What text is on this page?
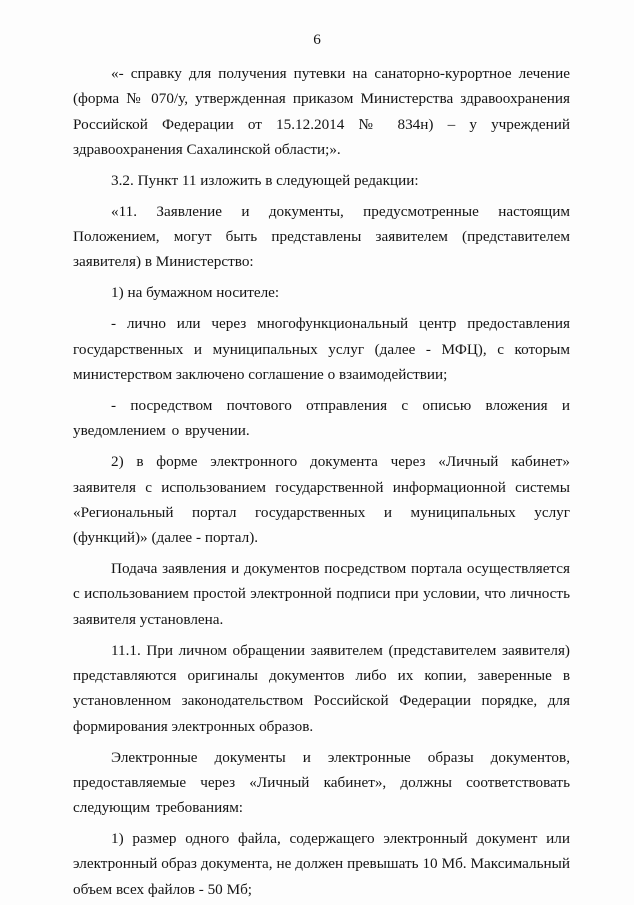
6

«- справку для получения путевки на санаторно-курортное лечение (форма № 070/у, утвержденная приказом Министерства здравоохранения Российской Федерации от 15.12.2014 № 834н) – у учреждений здравоохранения Сахалинской области;».

3.2. Пункт 11 изложить в следующей редакции:

«11. Заявление и документы, предусмотренные настоящим Положением, могут быть представлены заявителем (представителем заявителя) в Министерство:

1) на бумажном носителе:

- лично или через многофункциональный центр предоставления государственных и муниципальных услуг (далее - МФЦ), с которым министерством заключено соглашение о взаимодействии;

- посредством почтового отправления с описью вложения и уведомлением о вручении.

2) в форме электронного документа через «Личный кабинет» заявителя с использованием государственной информационной системы «Региональный портал государственных и муниципальных услуг (функций)» (далее - портал).

Подача заявления и документов посредством портала осуществляется с использованием простой электронной подписи при условии, что личность заявителя установлена.

11.1. При личном обращении заявителем (представителем заявителя) представляются оригиналы документов либо их копии, заверенные в установленном законодательством Российской Федерации порядке, для формирования электронных образов.

Электронные документы и электронные образы документов, предоставляемые через «Личный кабинет», должны соответствовать следующим требованиям:

1) размер одного файла, содержащего электронный документ или электронный образ документа, не должен превышать 10 Мб. Максимальный объем всех файлов - 50 Мб;
